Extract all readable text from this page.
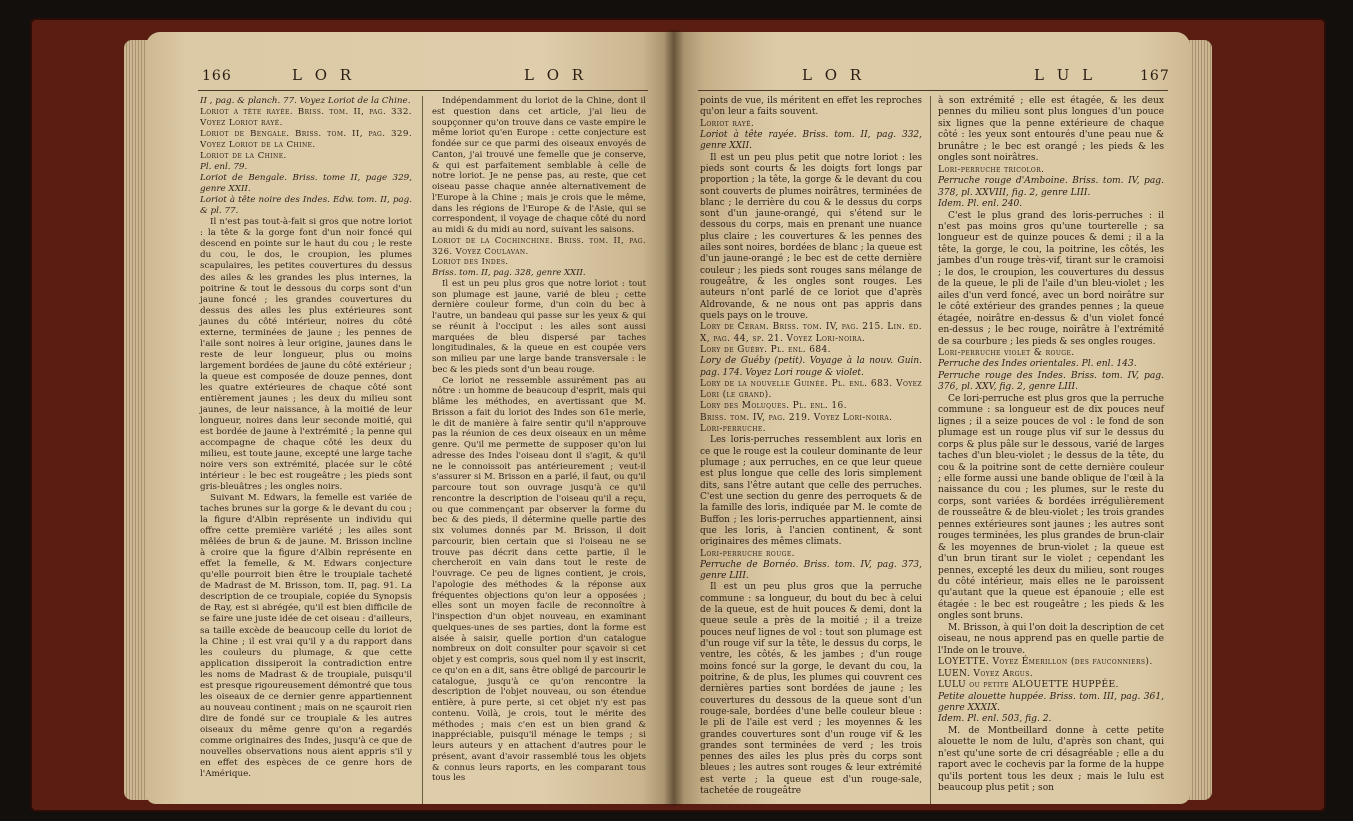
166	L O R	L O R

II , pag. & planch. 77. Voyez Loriot de la Chine.

Loriot a tête rayée. Briss. tom. II, pag. 332. Voyez Loriot rayé.

Loriot de Bengale. Briss. tom. II, pag. 329. Voyez Loriot de la Chine.

Loriot de la Chine.

Pl. enl. 79.

Loriot de Bengale. Briss. tome II, page 329, genre XXII.

Loriot à tête noire des Indes. Edw. tom. II, pag. & pl. 77.

Il n'est pas tout-à-fait si gros que notre loriot : la tête & la gorge font d'un noir foncé qui descend en pointe sur le haut du cou ; le reste du cou, le dos, le croupion, les plumes scapulaires, les petites couvertures du dessus des ailes & les grandes les plus internes, la poitrine & tout le dessous du corps sont d'un jaune foncé ; les grandes couvertures du dessus des ailes les plus extérieures sont jaunes du côté intérieur, noires du côté externe, terminées de jaune ; les pennes de l'aile sont noires à leur origine, jaunes dans le reste de leur longueur, plus ou moins largement bordées de jaune du côté extérieur ; la queue est composée de douze pennes, dont les quatre extérieures de chaque côté sont entièrement jaunes ; les deux du milieu sont jaunes, de leur naissance, à la moitié de leur longueur, noires dans leur seconde moitié, qui est bordée de jaune à l'extrémité ; la penne qui accompagne de chaque côté les deux du milieu, est toute jaune, excepté une large tache noire vers son extrémité, placée sur le côté intérieur : le bec est rougeâtre ; les pieds sont gris-bleuâtres ; les ongles noirs.

Suivant M. Edwars, la femelle est variée de taches brunes sur la gorge & le devant du cou ; la figure d'Albin représente un individu qui offre cette première variété ; les ailes sont mêlées de brun & de jaune. M. Brisson incline à croire que la figure d'Albin représente en effet la femelle, & M. Edwars conjecture qu'elle pourroit bien être le troupiale tacheté de Madrast de M. Brisson, tom. II, pag. 91. La description de ce troupiale, copiée du Synopsis de Ray, est si abrégée, qu'il est bien difficile de se faire une juste idée de cet oiseau : d'ailleurs, sa taille excède de beaucoup celle du loriot de la Chine ; il est vrai qu'il y a du rapport dans les couleurs du plumage, & que cette application dissiperoit la contradiction entre les noms de Madrast & de troupiale, puisqu'il est presque rigoureusement démontré que tous les oiseaux de ce dernier genre appartiennent au nouveau continent ; mais on ne sçauroit rien dire de fondé sur ce troupiale & les autres oiseaux du même genre qu'on a regardés comme originaires des Indes, jusqu'à ce que de nouvelles observations nous aient appris s'il y en effet des espèces de ce genre hors de l'Amérique.

Indépendamment du loriot de la Chine, dont il est question dans cet article, j'ai lieu de soupçonner qu'on trouve dans ce vaste empire le même loriot qu'en Europe : cette conjecture est fondée sur ce que parmi des oiseaux envoyés de Canton, j'ai trouvé une femelle que je conserve, & qui est parfaitement semblable à celle de notre loriot. Je ne pense pas, au reste, que cet oiseau passe chaque année alternativement de l'Europe à la Chine ; mais je crois que le même, dans les régions de l'Europe & de l'Asie, qui se correspondent, il voyage de chaque côté du nord au midi & du midi au nord, suivant les saisons.

Loriot de la Cochinchine. Briss. tom. II, pag. 326. Voyez Coulavan.

Loriot des Indes.

Briss. tom. II, pag. 328, genre XXII.

Il est un peu plus gros que notre loriot : tout son plumage est jaune, varié de bleu ; cette dernière couleur forme, d'un coin du bec à l'autre, un bandeau qui passe sur les yeux & qui se réunit à l'occiput : les ailes sont aussi marquées de bleu dispersé par taches longitudinales, & la queue en est coupée vers son milieu par une large bande transversale : le bec & les pieds sont d'un beau rouge.

Ce loriot ne ressemble assurément pas au nôtre : un homme de beaucoup d'esprit, mais qui blâme les méthodes, en avertissant que M. Brisson a fait du loriot des Indes son 61e merle, le dit de manière à faire sentir qu'il n'approuve pas la réunion de ces deux oiseaux en un même genre. Qu'il me permette de supposer qu'on lui adresse des Indes l'oiseau dont il s'agit, & qu'il ne le connoissoit pas antérieurement ; veut-il s'assurer si M. Brisson en a parlé, il faut, ou qu'il parcoure tout son ouvrage jusqu'à ce qu'il rencontre la description de l'oiseau qu'il a reçu, ou que commençant par observer la forme du bec & des pieds, il détermine quelle partie des six volumes donnés par M. Brisson, il doit parcourir, bien certain que si l'oiseau ne se trouve pas décrit dans cette partie, il le chercheroit en vain dans tout le reste de l'ouvrage. Ce peu de lignes contient, je crois, l'apologie des méthodes & la réponse aux fréquentes objections qu'on leur a opposées ; elles sont un moyen facile de reconnoître à l'inspection d'un objet nouveau, en examinant quelques-unes de ses parties, dont la forme est aisée à saisir, quelle portion d'un catalogue nombreux on doit consulter pour sçavoir si cet objet y est compris, sous quel nom il y est inscrit, ce qu'on en a dit, sans être obligé de parcourir le catalogue, jusqu'à ce qu'on rencontre la description de l'objet nouveau, ou son étendue entière, à pure perte, si cet objet n'y est pas contenu. Voilà, je crois, tout le mérite des méthodes ; mais c'en est un bien grand & inappréciable, puisqu'il ménage le temps ; si leurs auteurs y en attachent d'autres pour le présent, avant d'avoir rassemblé tous les objets & connus leurs raports, en les comparant tous tous les

L O R	L U L	167

points de vue, ils méritent en effet les reproches qu'on leur a faits souvent.

Loriot rayé.

Loriot à tête rayée. Briss. tom. II, pag. 332, genre XXII.

Il est un peu plus petit que notre loriot : les pieds sont courts & les doigts fort longs par proportion ; la tête, la gorge & le devant du cou sont couverts de plumes noirâtres, terminées de blanc ; le derrière du cou & le dessus du corps sont d'un jaune-orangé, qui s'étend sur le dessous du corps, mais en prenant une nuance plus claire ; les couvertures & les pennes des ailes sont noires, bordées de blanc ; la queue est d'un jaune-orangé ; le bec est de cette dernière couleur ; les pieds sont rouges sans mélange de rougeâtre, & les ongles sont rouges. Les auteurs n'ont parlé de ce loriot que d'après Aldrovande, & ne nous ont pas appris dans quels pays on le trouve.

Lory de Ceram. Briss. tom. IV, pag. 215. Lin. éd. X, pag. 44, sp. 21. Voyez Lori-noira.

Lory de Guéby. Pl. enl. 684.

Lory de Guéby (petit). Voyage à la nouv. Guin. pag. 174. Voyez Lori rouge & violet.

Lory de la nouvelle Guinée. Pl. enl. 683. Voyez Lori (le grand).

Lory des Moluques. Pl. enl. 16.

Briss. tom. IV, pag. 219. Voyez Lori-noira.

Lori-perruche.

Les loris-perruches ressemblent aux loris en ce que le rouge est la couleur dominante de leur plumage ; aux perruches, en ce que leur queue est plus longue que celle des loris simplement dits, sans l'être autant que celle des perruches. C'est une section du genre des perroquets & de la famille des loris, indiquée par M. le comte de Buffon ; les loris-perruches appartiennent, ainsi que les loris, à l'ancien continent, & sont originaires des mêmes climats.

Lori-perruche rouge.

Perruche de Bornéo. Briss. tom. IV, pag. 373, genre LIII.

Il est un peu plus gros que la perruche commune : sa longueur, du bout du bec à celui de la queue, est de huit pouces & demi, dont la queue seule a près de la moitié ; il a treize pouces neuf lignes de vol : tout son plumage est d'un rouge vif sur la tête, le dessus du corps, le ventre, les côtés, & les jambes ; d'un rouge moins foncé sur la gorge, le devant du cou, la poitrine, & de plus, les plumes qui couvrent ces dernières parties sont bordées de jaune ; les couvertures du dessous de la queue sont d'un rouge-sale, bordées d'une belle couleur bleue : le pli de l'aile est verd ; les moyennes & les grandes couvertures sont d'un rouge vif & les grandes sont terminées de verd ; les trois pennes des ailes les plus près du corps sont bleues ; les autres sont rouges & leur extrémité est verte ; la queue est d'un rouge-sale, tachetée de rougeâtre

à son extrémité ; elle est étagée, & les deux pennes du milieu sont plus longues d'un pouce six lignes que la penne extérieure de chaque côté : les yeux sont entourés d'une peau nue & brunâtre ; le bec est orangé ; les pieds & les ongles sont noirâtres.

Lori-perruche tricolor.

Perruche rouge d'Amboine. Briss. tom. IV, pag. 378, pl. XXVIII, fig. 2, genre LIII.

Idem. Pl. enl. 240.

C'est le plus grand des loris-perruches : il n'est pas moins gros qu'une tourterelle ; sa longueur est de quinze pouces & demi ; il a la tête, la gorge, le cou, la poitrine, les côtés, les jambes d'un rouge très-vif, tirant sur le cramoisi ; le dos, le croupion, les couvertures du dessus de la queue, le pli de l'aile d'un bleu-violet ; les ailes d'un verd foncé, avec un bord noirâtre sur le côté extérieur des grandes pennes ; la queue étagée, noirâtre en-dessus & d'un violet foncé en-dessus ; le bec rouge, noirâtre à l'extrémité de sa courbure ; les pieds & ses ongles rouges.

Lori-perruche violet & rouge.

Perruche des Indes orientales. Pl. enl. 143.

Perruche rouge des Indes. Briss. tom. IV, pag. 376, pl. XXV, fig. 2, genre LIII.

Ce lori-perruche est plus gros que la perruche commune : sa longueur est de dix pouces neuf lignes ; il a seize pouces de vol : le fond de son plumage est un rouge plus vif sur le dessus du corps & plus pâle sur le dessous, varié de larges taches d'un bleu-violet ; le dessus de la tête, du cou & la poitrine sont de cette dernière couleur ; elle forme aussi une bande oblique de l'œil à la naissance du cou ; les plumes, sur le reste du corps, sont variées & bordées irrégulièrement de rousseâtre & de bleu-violet ; les trois grandes pennes extérieures sont jaunes ; les autres sont rouges terminées, les plus grandes de brun-clair & les moyennes de brun-violet ; la queue est d'un brun tirant sur le violet ; cependant les pennes, excepté les deux du milieu, sont rouges du côté intérieur, mais elles ne le paroissent qu'autant que la queue est épanouie ; elle est étagée : le bec est rougeâtre ; les pieds & les ongles sont bruns.

M. Brisson, à qui l'on doit la description de cet oiseau, ne nous apprend pas en quelle partie de l'Inde on le trouve.

LOYETTE. Voyez Émerillon (des fauconniers).

LUEN. Voyez Argus.

LULU ou petite ALOUETTE HUPPÉE.

Petite alouette huppée. Briss. tom. III, pag. 361, genre XXXIX.

Idem. Pl. enl. 503, fig. 2.

M. de Montbeillard donne à cette petite alouette le nom de lulu, d'après son chant, qui n'est qu'une sorte de cri désagréable ; elle a du raport avec le cochevis par la forme de la huppe qu'ils portent tous les deux ; mais le lulu est beaucoup plus petit ; son
